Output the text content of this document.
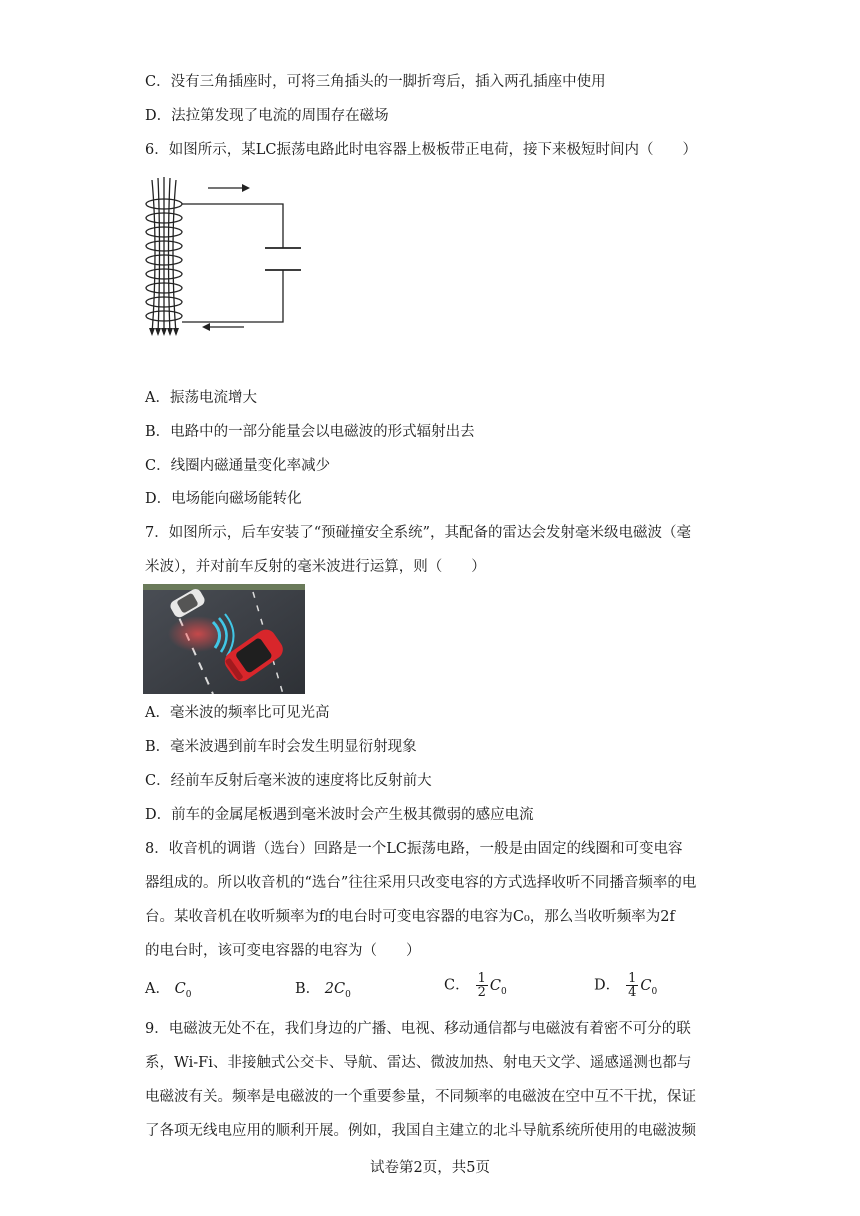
C．没有三角插座时，可将三角插头的一脚折弯后，插入两孔插座中使用
D．法拉第发现了电流的周围存在磁场
6．如图所示，某LC振荡电路此时电容器上极板带正电荷，接下来极短时间内（　　）
A．振荡电流增大
B．电路中的一部分能量会以电磁波的形式辐射出去
C．线圈内磁通量变化率减少
D．电场能向磁场能转化
7．如图所示，后车安装了“预碰撞安全系统”，其配备的雷达会发射毫米级电磁波（毫
米波），并对前车反射的毫米波进行运算，则（　　）
A．毫米波的频率比可见光高
B．毫米波遇到前车时会发生明显衍射现象
C．经前车反射后毫米波的速度将比反射前大
D．前车的金属尾板遇到毫米波时会产生极其微弱的感应电流
8．收音机的调谐（选台）回路是一个LC振荡电路，一般是由固定的线圈和可变电容
器组成的。所以收音机的“选台”往往采用只改变电容的方式选择收听不同播音频率的电
台。某收音机在收听频率为f的电台时可变电容器的电容为C₀，那么当收听频率为2f
的电台时，该可变电容器的电容为（　　）
A． $C_0$	B． $2C_0$
C． $\frac{1}{2} C_0$	D． $\frac{1}{4} C_0$
9．电磁波无处不在，我们身边的广播、电视、移动通信都与电磁波有着密不可分的联
系，Wi-Fi、非接触式公交卡、导航、雷达、微波加热、射电天文学、遥感遥测也都与
电磁波有关。频率是电磁波的一个重要参量，不同频率的电磁波在空中互不干扰，保证
了各项无线电应用的顺利开展。例如，我国自主建立的北斗导航系统所使用的电磁波频
试卷第2页，共5页
